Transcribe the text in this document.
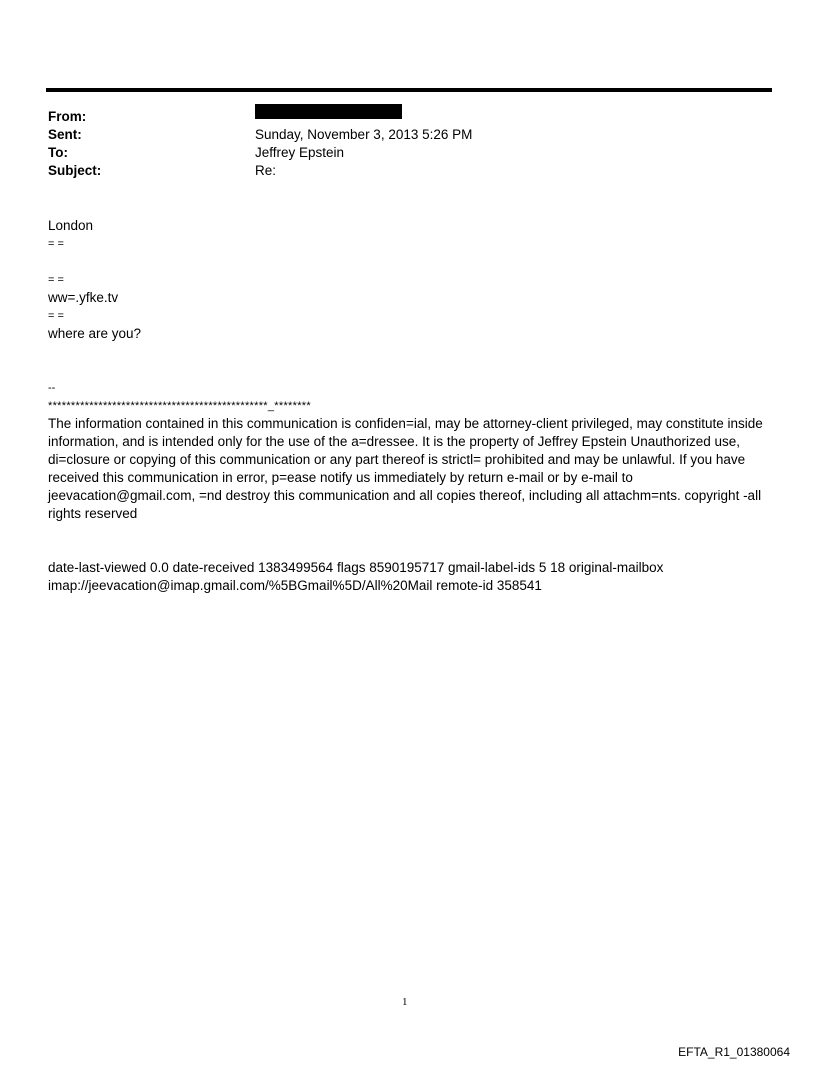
From:
Sent:	Sunday, November 3, 2013 5:26 PM
To:	Jeffrey Epstein
Subject:	Re:
London
= =
= =
ww=.yfke.tv
= =
where are you?
--
************************************************_********
The information contained in this communication is confiden=ial, may be attorney-client privileged, may constitute inside information, and is intended only for the use of the a=dressee. It is the property of Jeffrey Epstein Unauthorized use, di=closure or copying of this communication or any part thereof is strictl= prohibited and may be unlawful. If you have received this communication in error, p=ease notify us immediately by return e-mail or by e-mail to jeevacation@gmail.com, =nd destroy this communication and all copies thereof, including all attachm=nts. copyright -all rights reserved
date-last-viewed 0.0 date-received 1383499564 flags 8590195717 gmail-label-ids 5 18 original-mailbox imap://jeevacation@imap.gmail.com/%5BGmail%5D/All%20Mail remote-id 358541
1
EFTA_R1_01380064
